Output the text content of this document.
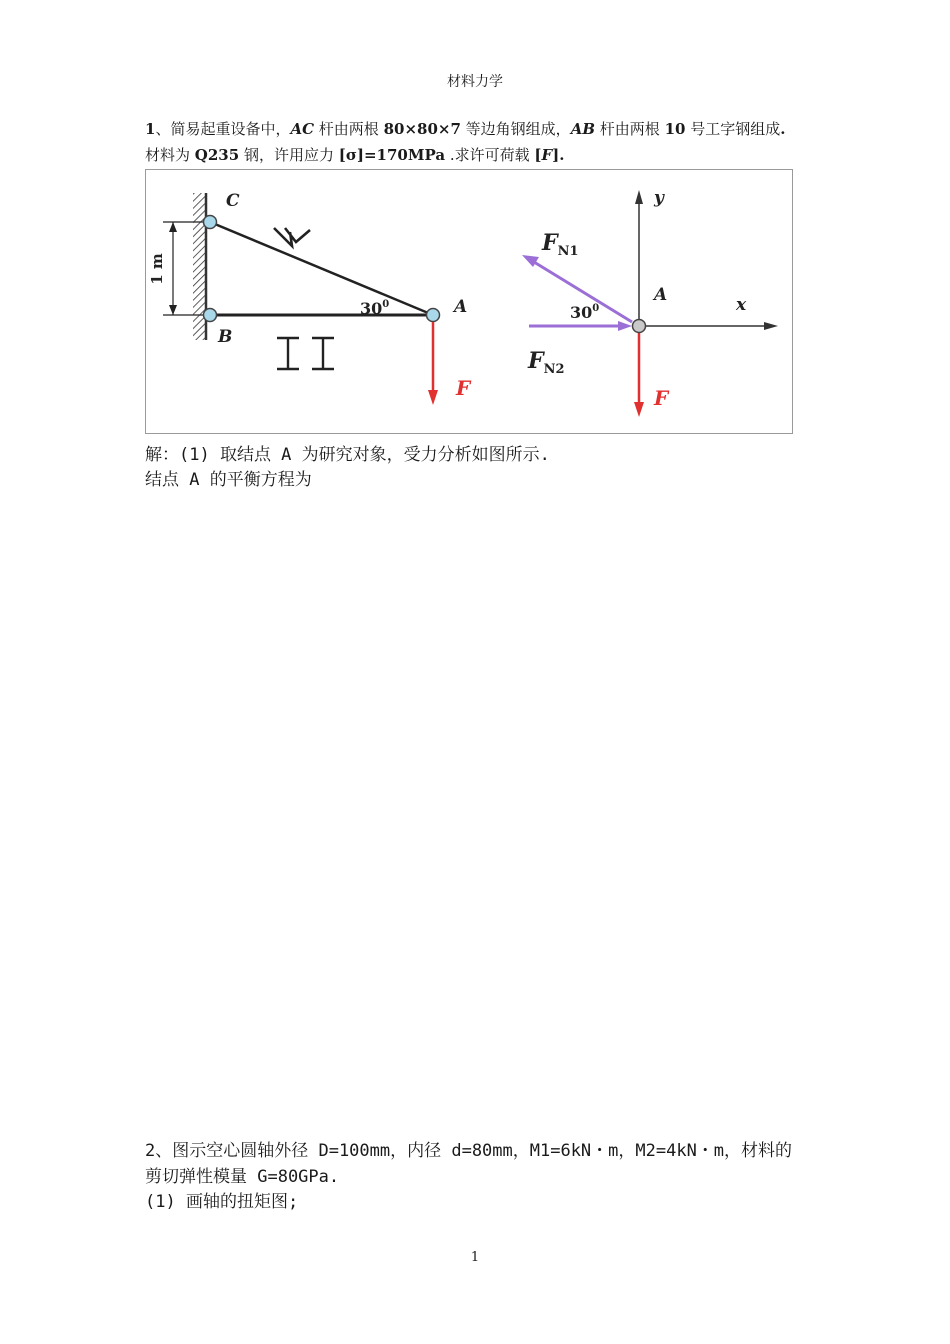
材料力学
1、简易起重设备中，AC 杆由两根 80×80×7 等边角钢组成，AB 杆由两根 10 号工字钢组成.
材料为 Q235 钢，许用应力 [σ]=170MPa .求许可荷载 [F].
1 m
C
B
A
F
$30^0$
y
x
A
$F_{N1}$
$F_{N2}$
$30^0$
F
解：(1) 取结点 A 为研究对象，受力分析如图所示.
结点 A 的平衡方程为
2、图示空心圆轴外径 D=100mm，内径 d=80mm，M1=6kN・m，M2=4kN・m，材料的
剪切弹性模量 G=80GPa.
(1) 画轴的扭矩图;
1
